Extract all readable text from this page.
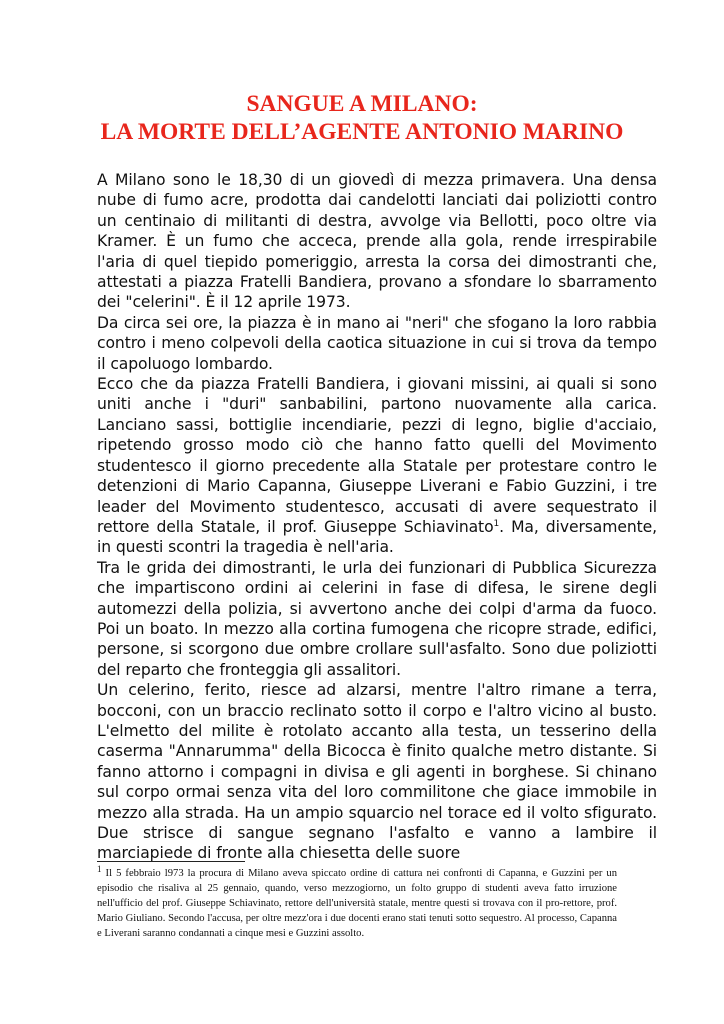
SANGUE A MILANO:
LA MORTE DELL’AGENTE ANTONIO MARINO

A Milano sono le 18,30 di un giovedì di mezza primavera. Una densa nube di fumo acre, prodotta dai candelotti lanciati dai poliziotti contro un centinaio di militanti di destra, avvolge via Bellotti, poco oltre via Kramer. È un fumo che acceca, prende alla gola, rende irrespirabile l'aria di quel tiepido pomeriggio, arresta la corsa dei dimostranti che, attestati a piazza Fratelli Bandiera, provano a sfondare lo sbarramento dei "celerini". È il 12 aprile 1973.

Da circa sei ore, la piazza è in mano ai "neri" che sfogano la loro rabbia contro i meno colpevoli della caotica situazione in cui si trova da tempo il capoluogo lombardo.

Ecco che da piazza Fratelli Bandiera, i giovani missini, ai quali si sono uniti anche i "duri" sanbabilini, partono nuovamente alla carica. Lanciano sassi, bottiglie incendiarie, pezzi di legno, biglie d'acciaio, ripetendo grosso modo ciò che hanno fatto quelli del Movimento studentesco il giorno precedente alla Statale per protestare contro le detenzioni di Mario Capanna, Giuseppe Liverani e Fabio Guzzini, i tre leader del Movimento studentesco, accusati di avere sequestrato il rettore della Statale, il prof. Giuseppe Schiavinato$^1$. Ma, diversamente, in questi scontri la tragedia è nell'aria.

Tra le grida dei dimostranti, le urla dei funzionari di Pubblica Sicurezza che impartiscono ordini ai celerini in fase di difesa, le sirene degli automezzi della polizia, si avvertono anche dei colpi d'arma da fuoco. Poi un boato. In mezzo alla cortina fumogena che ricopre strade, edifici, persone, si scorgono due ombre crollare sull'asfalto. Sono due poliziotti del reparto che fronteggia gli assalitori.

Un celerino, ferito, riesce ad alzarsi, mentre l'altro rimane a terra, bocconi, con un braccio reclinato sotto il corpo e l'altro vicino al busto. L'elmetto del milite è rotolato accanto alla testa, un tesserino della caserma "Annarumma" della Bicocca è finito qualche metro distante. Si fanno attorno i compagni in divisa e gli agenti in borghese. Si chinano sul corpo ormai senza vita del loro commilitone che giace immobile in mezzo alla strada. Ha un ampio squarcio nel torace ed il volto sfigurato. Due strisce di sangue segnano l'asfalto e vanno a lambire il marciapiede di fronte alla chiesetta delle suore

$^1$ Il 5 febbraio l973 la procura di Milano aveva spiccato ordine di cattura nei confronti di Capanna, e Guzzini per un episodio che risaliva al 25 gennaio, quando, verso mezzogiorno, un folto gruppo di studenti aveva fatto irruzione nell'ufficio del prof. Giuseppe Schiavinato, rettore dell'università statale, mentre questi si trovava con il pro-rettore, prof. Mario Giuliano. Secondo l'accusa, per oltre mezz'ora i due docenti erano stati tenuti sotto sequestro. Al processo, Capanna e Liverani saranno condannati a cinque mesi e Guzzini assolto.
